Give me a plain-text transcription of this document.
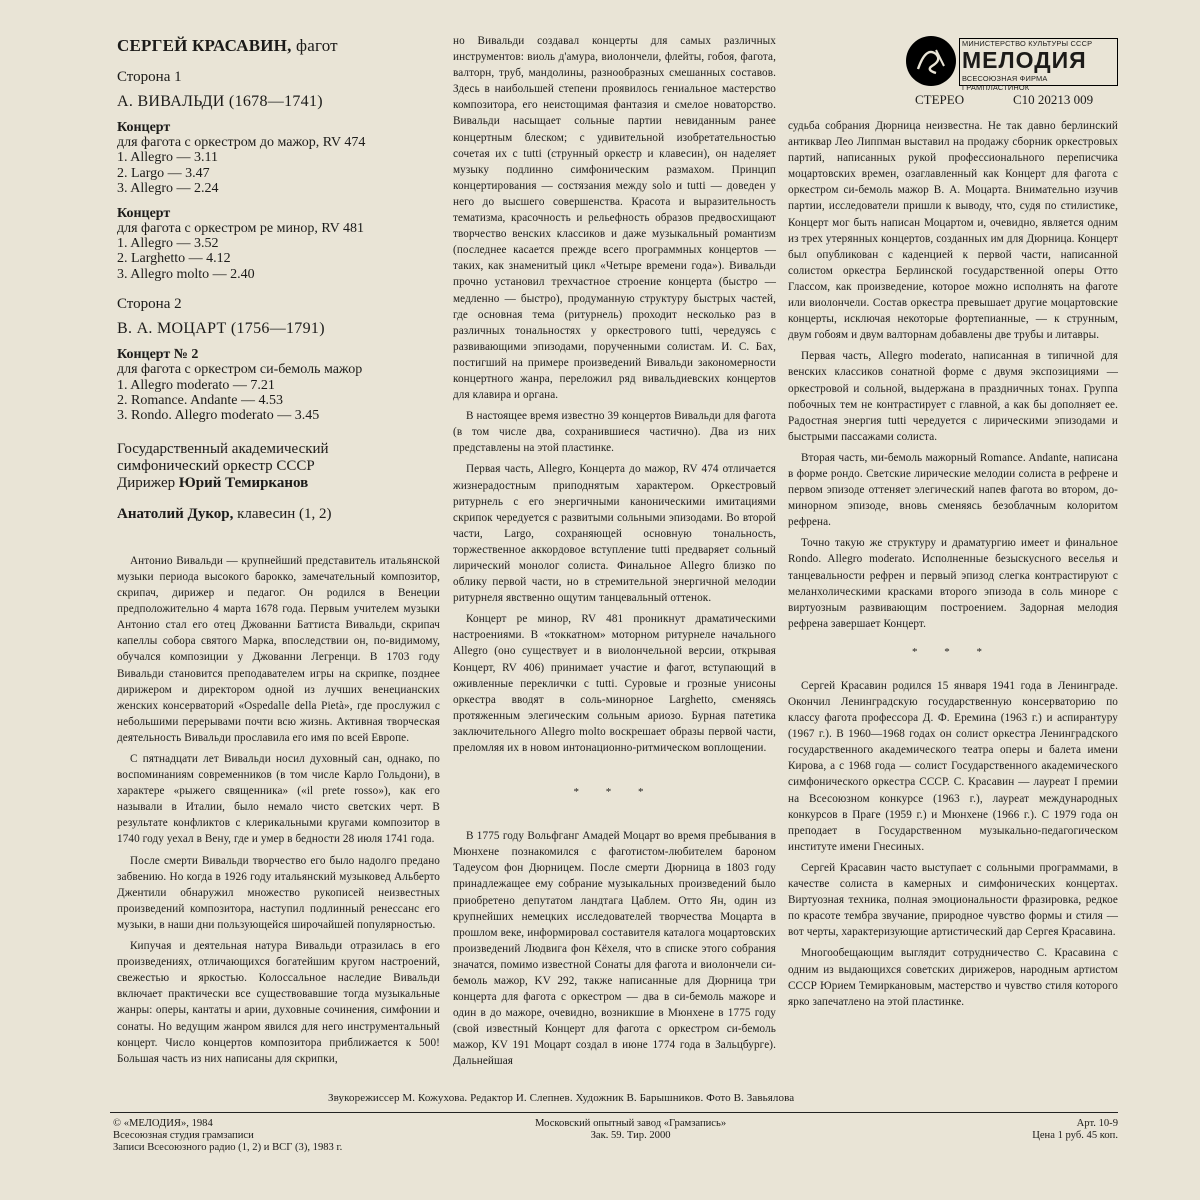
СЕРГЕЙ КРАСАВИН, фагот
Сторона 1
А. ВИВАЛЬДИ (1678—1741)
Концерт
для фагота с оркестром до мажор, RV 474
1. Allegro — 3.11
2. Largo — 3.47
3. Allegro — 2.24
Концерт
для фагота с оркестром ре минор, RV 481
1. Allegro — 3.52
2. Larghetto — 4.12
3. Allegro molto — 2.40
Сторона 2
В. А. МОЦАРТ (1756—1791)
Концерт № 2
для фагота с оркестром си-бемоль мажор
1. Allegro moderato — 7.21
2. Romance. Andante — 4.53
3. Rondo. Allegro moderato — 3.45
Государственный академический
симфонический оркестр СССР
Дирижер Юрий Темирканов
Анатолий Дукор, клавесин (1, 2)

Антонио Вивальди — крупнейший представитель итальянской музыки периода высокого барокко, замечательный композитор, скрипач, дирижер и педагог. Он родился в Венеции предположительно 4 марта 1678 года. Первым учителем музыки Антонио стал его отец Джованни Баттиста Вивальди, скрипач капеллы собора святого Марка, впоследствии он, по-видимому, обучался композиции у Джованни Легренци. В 1703 году Вивальди становится преподавателем игры на скрипке, позднее дирижером и директором одной из лучших венецианских женских консерваторий «Ospedalle della Pietà», где прослужил с небольшими перерывами почти всю жизнь. Активная творческая деятельность Вивальди прославила его имя по всей Европе.

С пятнадцати лет Вивальди носил духовный сан, однако, по воспоминаниям современников (в том числе Карло Гольдони), в характере «рыжего священника» («il prete rosso»), как его называли в Италии, было немало чисто светских черт. В результате конфликтов с клерикальными кругами композитор в 1740 году уехал в Вену, где и умер в бедности 28 июля 1741 года.

После смерти Вивальди творчество его было надолго предано забвению. Но когда в 1926 году итальянский музыковед Альберто Джентили обнаружил множество рукописей неизвестных произведений композитора, наступил подлинный ренессанс его музыки, в наши дни пользующейся широчайшей популярностью.

Кипучая и деятельная натура Вивальди отразилась в его произведениях, отличающихся богатейшим кругом настроений, свежестью и яркостью. Колоссальное наследие Вивальди включает практически все существовавшие тогда музыкальные жанры: оперы, кантаты и арии, духовные сочинения, симфонии и сонаты. Но ведущим жанром явился для него инструментальный концерт. Число концертов композитора приближается к 500! Большая часть из них написаны для скрипки,

но Вивальди создавал концерты для самых различных инструментов: виоль д'амура, виолончели, флейты, гобоя, фагота, валторн, труб, мандолины, разнообразных смешанных составов. Здесь в наибольшей степени проявилось гениальное мастерство композитора, его неистощимая фантазия и смелое новаторство. Вивальди насыщает сольные партии невиданным ранее концертным блеском; с удивительной изобретательностью сочетая их с tutti (струнный оркестр и клавесин), он наделяет музыку подлинно симфоническим размахом. Принцип концертирования — состязания между solo и tutti — доведен у него до высшего совершенства. Красота и выразительность тематизма, красочность и рельефность образов предвосхищают творчество венских классиков и даже музыкальный романтизм (последнее касается прежде всего программных концертов — таких, как знаменитый цикл «Четыре времени года»). Вивальди прочно установил трехчастное строение концерта (быстро — медленно — быстро), продуманную структуру быстрых частей, где основная тема (ритурнель) проходит несколько раз в различных тональностях у оркестрового tutti, чередуясь с развивающими эпизодами, порученными солистам. И. С. Бах, постигший на примере произведений Вивальди закономерности концертного жанра, переложил ряд вивальдиевских концертов для клавира и органа.

В настоящее время известно 39 концертов Вивальди для фагота (в том числе два, сохранившиеся частично). Два из них представлены на этой пластинке.

Первая часть, Allegro, Концерта до мажор, RV 474 отличается жизнерадостным приподнятым характером. Оркестровый ритурнель с его энергичными каноническими имитациями скрипок чередуется с развитыми сольными эпизодами. Во второй части, Largo, сохраняющей основную тональность, торжественное аккордовое вступление tutti предваряет сольный лирический монолог солиста. Финальное Allegro близко по облику первой части, но в стремительной энергичной мелодии ритурнеля явственно ощутим танцевальный оттенок.

Концерт ре минор, RV 481 проникнут драматическими настроениями. В «токкатном» моторном ритурнеле начального Allegro (оно существует и в виолончельной версии, открывая Концерт, RV 406) принимает участие и фагот, вступающий в оживленные переклички с tutti. Суровые и грозные унисоны оркестра вводят в соль-минорное Larghetto, сменяясь протяженным элегическим сольным ариозо. Бурная патетика заключительного Allegro molto воскрешает образы первой части, преломляя их в новом интонационно-ритмическом воплощении.

* * *

В 1775 году Вольфганг Амадей Моцарт во время пребывания в Мюнхене познакомился с фаготистом-любителем бароном Тадеусом фон Дюрницем. После смерти Дюрница в 1803 году принадлежащее ему собрание музыкальных произведений было приобретено депутатом ландтага Цаблем. Отто Ян, один из крупнейших немецких исследователей творчества Моцарта в прошлом веке, информировал составителя каталога моцартовских произведений Людвига фон Кёхеля, что в списке этого собрания значатся, помимо известной Сонаты для фагота и виолончели си-бемоль мажор, KV 292, также написанные для Дюрница три концерта для фагота с оркестром — два в си-бемоль мажоре и один в до мажоре, очевидно, возникшие в Мюнхене в 1775 году (свой известный Концерт для фагота с оркестром си-бемоль мажор, KV 191 Моцарт создал в июне 1774 года в Зальцбурге). Дальнейшая

МИНИСТЕРСТВО КУЛЬТУРЫ СССР
МЕЛОДИЯ
ВСЕСОЮЗНАЯ ФИРМА ГРАМПЛАСТИНОК
СТЕРЕО	С10 20213 009

судьба собрания Дюрница неизвестна. Не так давно берлинский антиквар Лео Липпман выставил на продажу сборник оркестровых партий, написанных рукой профессионального переписчика моцартовских времен, озаглавленный как Концерт для фагота с оркестром си-бемоль мажор В. А. Моцарта. Внимательно изучив партии, исследователи пришли к выводу, что, судя по стилистике, Концерт мог быть написан Моцартом и, очевидно, является одним из трех утерянных концертов, созданных им для Дюрница. Концерт был опубликован с каденцией к первой части, написанной солистом оркестра Берлинской государственной оперы Отто Глассом, как произведение, которое можно исполнять на фаготе или виолончели. Состав оркестра превышает другие моцартовские концерты, исключая некоторые фортепианные, — к струнным, двум гобоям и двум валторнам добавлены две трубы и литавры.

Первая часть, Allegro moderato, написанная в типичной для венских классиков сонатной форме с двумя экспозициями — оркестровой и сольной, выдержана в праздничных тонах. Группа побочных тем не контрастирует с главной, а как бы дополняет ее. Радостная энергия tutti чередуется с лирическими эпизодами и быстрыми пассажами солиста.

Вторая часть, ми-бемоль мажорный Romance. Andante, написана в форме рондо. Светские лирические мелодии солиста в рефрене и первом эпизоде оттеняет элегический напев фагота во втором, до-минорном эпизоде, вновь сменяясь безоблачным колоритом рефрена.

Точно такую же структуру и драматургию имеет и финальное Rondo. Allegro moderato. Исполненные безыскусного веселья и танцевальности рефрен и первый эпизод слегка контрастируют с меланхолическими красками второго эпизода в соль миноре с виртуозным развивающим построением. Задорная мелодия рефрена завершает Концерт.

* * *

Сергей Красавин родился 15 января 1941 года в Ленинграде. Окончил Ленинградскую государственную консерваторию по классу фагота профессора Д. Ф. Еремина (1963 г.) и аспирантуру (1967 г.). В 1960—1968 годах он солист оркестра Ленинградского государственного академического театра оперы и балета имени Кирова, а с 1968 года — солист Государственного академического симфонического оркестра СССР. С. Красавин — лауреат I премии на Всесоюзном конкурсе (1963 г.), лауреат международных конкурсов в Праге (1959 г.) и Мюнхене (1966 г.). С 1979 года он преподает в Государственном музыкально-педагогическом институте имени Гнесиных.

Сергей Красавин часто выступает с сольными программами, в качестве солиста в камерных и симфонических концертах. Виртуозная техника, полная эмоциональности фразировка, редкое по красоте тембра звучание, природное чувство формы и стиля — вот черты, характеризующие артистический дар Сергея Красавина.

Многообещающим выглядит сотрудничество С. Красавина с одним из выдающихся советских дирижеров, народным артистом СССР Юрием Темиркановым, мастерство и чувство стиля которого ярко запечатлено на этой пластинке.

Звукорежиссер М. Кожухова. Редактор И. Слепнев. Художник В. Барышников. Фото В. Завьялова
© «МЕЛОДИЯ», 1984
Всесоюзная студия грамзаписи
Записи Всесоюзного радио (1, 2) и ВСГ (3), 1983 г.
Московский опытный завод «Грамзапись»
Зак. 59. Тир. 2000
Арт. 10-9
Цена 1 руб. 45 коп.
